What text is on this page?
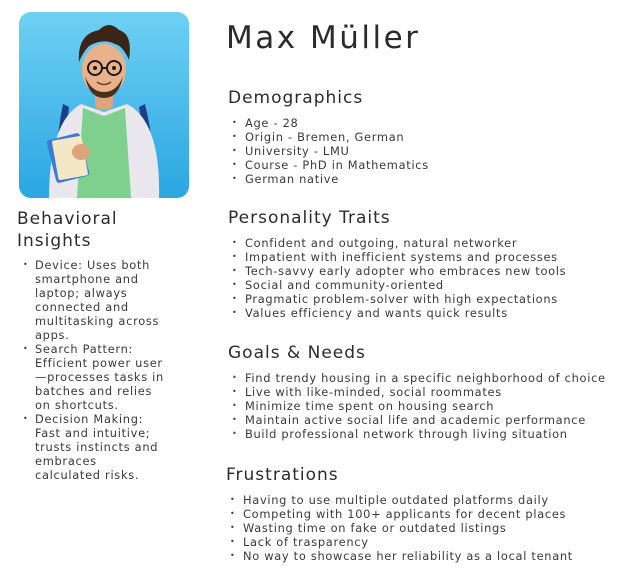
Max Müller
Behavioral Insights
• Device: Uses both smartphone and laptop; always connected and multitasking across apps.
• Search Pattern: Efficient power user—processes tasks in batches and relies on shortcuts.
• Decision Making: Fast and intuitive; trusts instincts and embraces calculated risks.
Demographics
• Age - 28
• Origin - Bremen, German
• University - LMU
• Course - PhD in Mathematics
• German native
Personality Traits
• Confident and outgoing, natural networker
• Impatient with inefficient systems and processes
• Tech-savvy early adopter who embraces new tools
• Social and community-oriented
• Pragmatic problem-solver with high expectations
• Values efficiency and wants quick results
Goals & Needs
• Find trendy housing in a specific neighborhood of choice
• Live with like-minded, social roommates
• Minimize time spent on housing search
• Maintain active social life and academic performance
• Build professional network through living situation
Frustrations
• Having to use multiple outdated platforms daily
• Competing with 100+ applicants for decent places
• Wasting time on fake or outdated listings
• Lack of trasparency
• No way to showcase her reliability as a local tenant
